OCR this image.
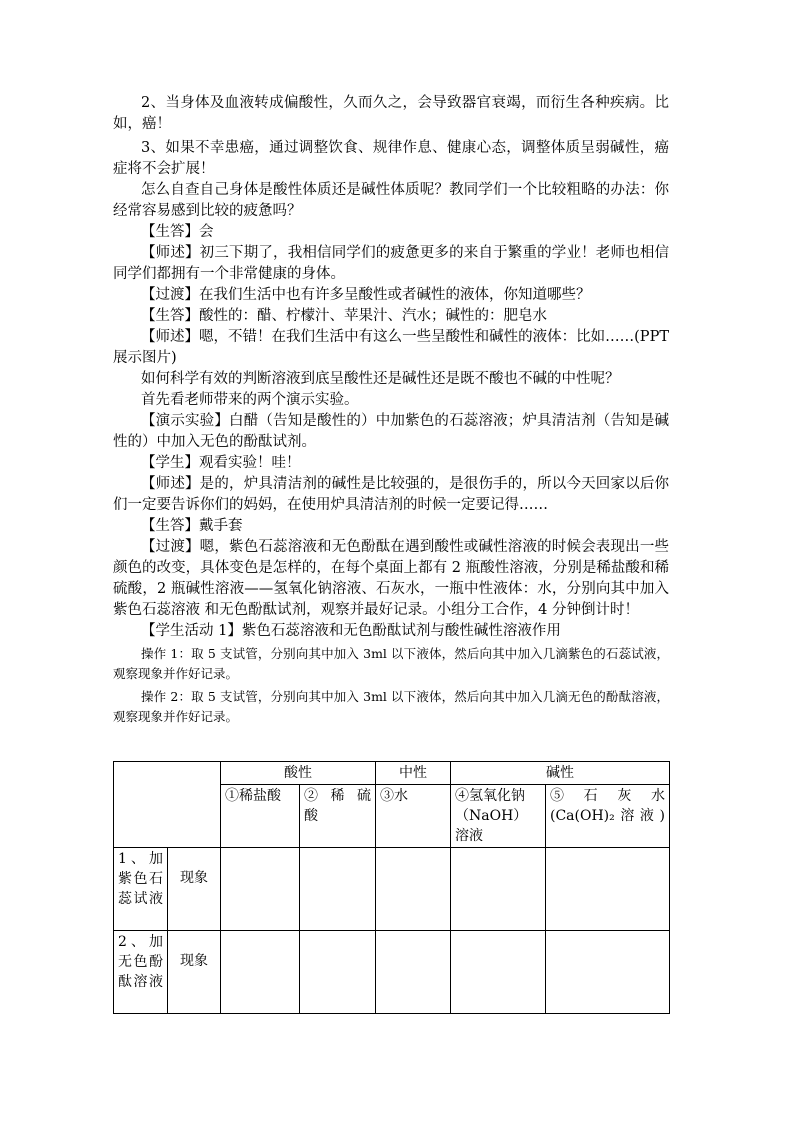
2、当身体及血液转成偏酸性，久而久之，会导致器官衰竭，而衍生各种疾病。比如，癌！

3、如果不幸患癌，通过调整饮食、规律作息、健康心态，调整体质呈弱碱性，癌症将不会扩展！

怎么自查自己身体是酸性体质还是碱性体质呢？教同学们一个比较粗略的办法：你经常容易感到比较的疲惫吗？

【生答】会

【师述】初三下期了，我相信同学们的疲惫更多的来自于繁重的学业！老师也相信同学们都拥有一个非常健康的身体。

【过渡】在我们生活中也有许多呈酸性或者碱性的液体，你知道哪些？

【生答】酸性的：醋、柠檬汁、苹果汁、汽水；碱性的：肥皂水

【师述】嗯，不错！在我们生活中有这么一些呈酸性和碱性的液体：比如……(PPT 展示图片)

如何科学有效的判断溶液到底呈酸性还是碱性还是既不酸也不碱的中性呢？

首先看老师带来的两个演示实验。

【演示实验】白醋（告知是酸性的）中加紫色的石蕊溶液；炉具清洁剂（告知是碱性的）中加入无色的酚酞试剂。

【学生】观看实验！哇！

【师述】是的，炉具清洁剂的碱性是比较强的，是很伤手的，所以今天回家以后你们一定要告诉你们的妈妈，在使用炉具清洁剂的时候一定要记得……

【生答】戴手套

【过渡】嗯，紫色石蕊溶液和无色酚酞在遇到酸性或碱性溶液的时候会表现出一些颜色的改变，具体变色是怎样的，在每个桌面上都有 2 瓶酸性溶液，分别是稀盐酸和稀硫酸，2 瓶碱性溶液——氢氧化钠溶液、石灰水，一瓶中性液体：水，分别向其中加入紫色石蕊溶液 和无色酚酞试剂，观察并最好记录。小组分工合作，4 分钟倒计时！

【学生活动 1】紫色石蕊溶液和无色酚酞试剂与酸性碱性溶液作用

操作 1：取 5 支试管，分别向其中加入 3ml 以下液体，然后向其中加入几滴紫色的石蕊试液，观察现象并作好记录。

操作 2：取 5 支试管，分别向其中加入 3ml 以下液体，然后向其中加入几滴无色的酚酞溶液，观察现象并作好记录。

		酸性		中性	碱性	
		①稀盐酸	② 稀 硫 酸	③水	④氢氧化钠（NaOH）溶液	⑤ 石 灰 水 (Ca(OH)₂溶液)
1、加紫色石蕊试液	现象					
2、加无色酚酞溶液	现象					
